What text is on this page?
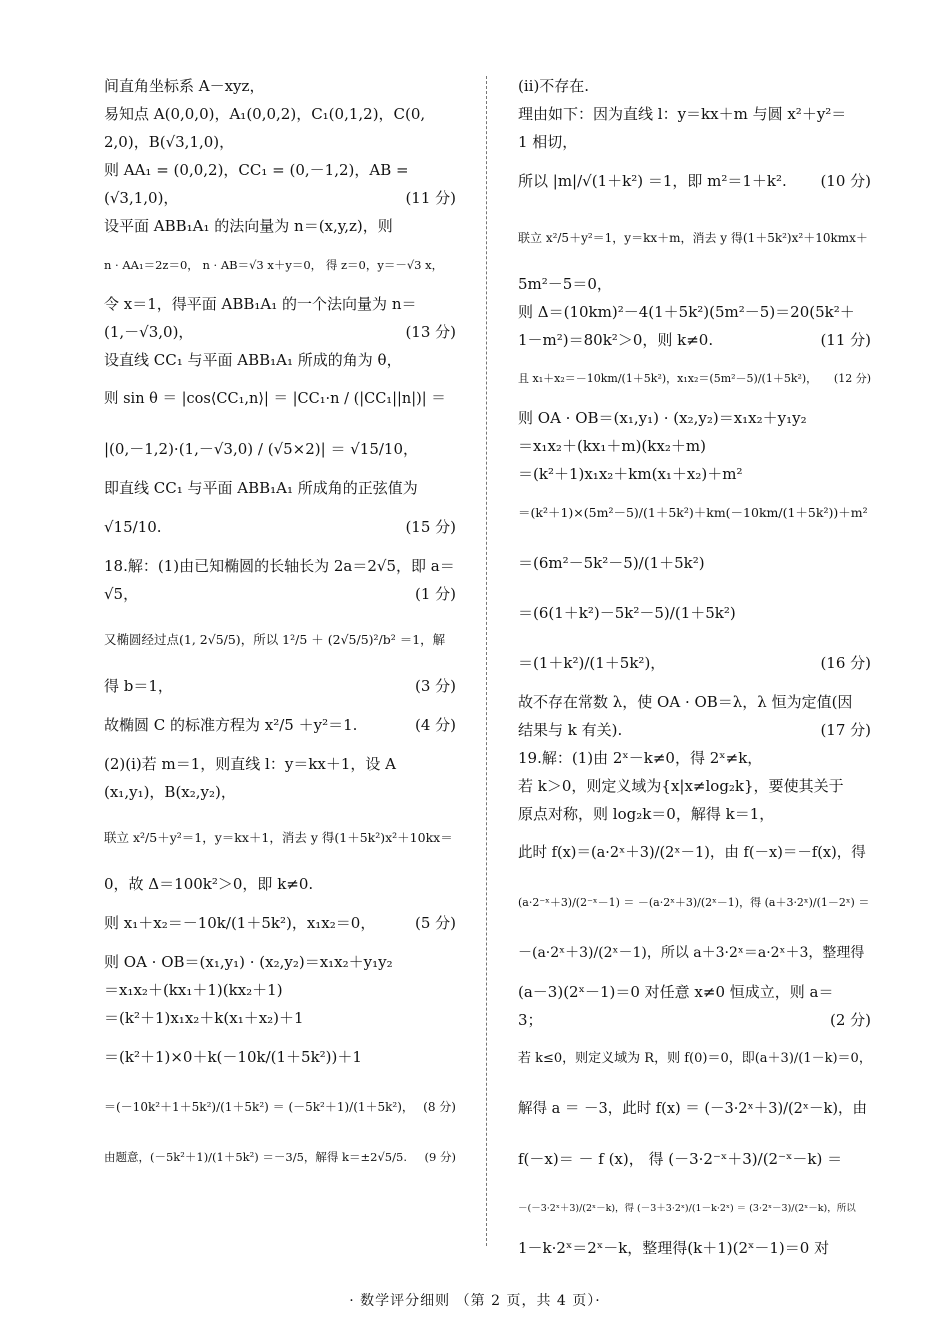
间直角坐标系 A－xyz，
易知点 A(0,0,0)，A₁(0,0,2)，C₁(0,1,2)，C(0,
2,0)，B(√3,1,0)，
则 AA₁ = (0,0,2)，CC₁ = (0,－1,2)，AB =
(√3,1,0)，	(11 分)
设平面 ABB₁A₁ 的法向量为 n＝(x,y,z)，则
n · AA₁＝2z＝0， n · AB＝√3 x＋y＝0， 得 z＝0，y＝－√3 x，
令 x＝1，得平面 ABB₁A₁ 的一个法向量为 n＝
(1,－√3,0)，	(13 分)
设直线 CC₁ 与平面 ABB₁A₁ 所成的角为 θ，
则 sin θ ＝ |cos⟨CC₁,n⟩| ＝ |CC₁·n / (|CC₁||n|)| ＝
|(0,－1,2)·(1,－√3,0) / (√5×2)| ＝ √15/10，
即直线 CC₁ 与平面 ABB₁A₁ 所成角的正弦值为
√15/10.	(15 分)
18.解：(1)由已知椭圆的长轴长为 2a＝2√5，即 a＝
√5，	(1 分)
又椭圆经过点(1, 2√5/5)，所以 1²/5 ＋ (2√5/5)²/b² ＝1，解
得 b＝1，	(3 分)
故椭圆 C 的标准方程为 x²/5 ＋y²＝1.	(4 分)
(2)(ⅰ)若 m＝1，则直线 l：y＝kx＋1，设 A
(x₁,y₁)，B(x₂,y₂)，
联立 x²/5＋y²＝1，y＝kx＋1，消去 y 得(1＋5k²)x²＋10kx＝
0，故 Δ＝100k²＞0，即 k≠0.
则 x₁＋x₂＝－10k/(1＋5k²)，x₁x₂＝0，	(5 分)
则 OA · OB＝(x₁,y₁) · (x₂,y₂)＝x₁x₂＋y₁y₂
＝x₁x₂＋(kx₁＋1)(kx₂＋1)
＝(k²＋1)x₁x₂＋k(x₁＋x₂)＋1
＝(k²＋1)×0＋k(－10k/(1＋5k²))＋1
＝(－10k²＋1＋5k²)/(1＋5k²) ＝ (－5k²＋1)/(1＋5k²)， (8 分)
由题意，(－5k²＋1)/(1＋5k²) ＝－3/5，解得 k＝±2√5/5.	(9 分)
(ⅱ)不存在.
理由如下：因为直线 l：y＝kx＋m 与圆 x²＋y²＝
1 相切，
所以 |m|/√(1＋k²) ＝1，即 m²＝1＋k².	(10 分)
联立 x²/5＋y²＝1，y＝kx＋m，消去 y 得(1＋5k²)x²＋10kmx＋
5m²－5＝0，
则 Δ＝(10km)²－4(1＋5k²)(5m²－5)＝20(5k²＋
1－m²)＝80k²＞0，则 k≠0.	(11 分)
且 x₁＋x₂＝－10km/(1＋5k²)，x₁x₂＝(5m²－5)/(1＋5k²)，	(12 分)
则 OA · OB＝(x₁,y₁) · (x₂,y₂)＝x₁x₂＋y₁y₂
＝x₁x₂＋(kx₁＋m)(kx₂＋m)
＝(k²＋1)x₁x₂＋km(x₁＋x₂)＋m²
＝(k²＋1)×(5m²－5)/(1＋5k²)＋km(－10km/(1＋5k²))＋m²
＝(6m²－5k²－5)/(1＋5k²)
＝(6(1＋k²)－5k²－5)/(1＋5k²)
＝(1＋k²)/(1＋5k²)，	(16 分)
故不存在常数 λ，使 OA · OB＝λ，λ 恒为定值(因
结果与 k 有关).	(17 分)
19.解：(1)由 2ˣ－k≠0，得 2ˣ≠k，
若 k＞0，则定义域为{x|x≠log₂k}，要使其关于
原点对称，则 log₂k＝0，解得 k＝1，
此时 f(x)＝(a·2ˣ＋3)/(2ˣ－1)，由 f(－x)＝－f(x)，得
(a·2⁻ˣ＋3)/(2⁻ˣ－1) ＝ －(a·2ˣ＋3)/(2ˣ－1)，得 (a＋3·2ˣ)/(1－2ˣ) ＝
－(a·2ˣ＋3)/(2ˣ－1)，所以 a＋3·2ˣ＝a·2ˣ＋3，整理得
(a－3)(2ˣ－1)＝0 对任意 x≠0 恒成立，则 a＝
3；	(2 分)
若 k≤0，则定义域为 R，则 f(0)＝0，即(a＋3)/(1－k)＝0，
解得 a ＝ －3，此时 f(x) ＝ (－3·2ˣ＋3)/(2ˣ－k)，由
f(－x)＝ － f (x)， 得 (－3·2⁻ˣ＋3)/(2⁻ˣ－k) ＝
－(－3·2ˣ＋3)/(2ˣ－k)，得 (－3＋3·2ˣ)/(1－k·2ˣ) ＝ (3·2ˣ－3)/(2ˣ－k)，所以
1－k·2ˣ＝2ˣ－k，整理得(k＋1)(2ˣ－1)＝0 对
· 数学评分细则 （第 2 页，共 4 页）·
